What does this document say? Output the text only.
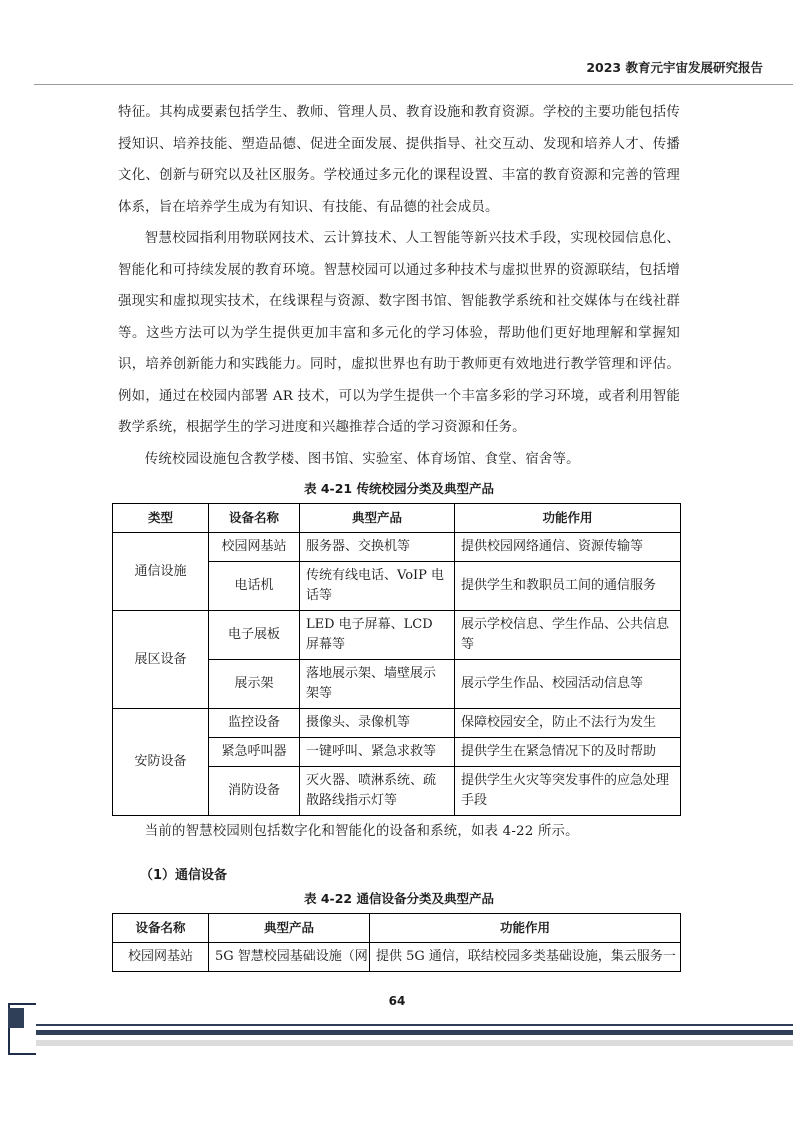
2023 教育元宇宙发展研究报告

特征。其构成要素包括学生、教师、管理人员、教育设施和教育资源。学校的主要功能包括传授知识、培养技能、塑造品德、促进全面发展、提供指导、社交互动、发现和培养人才、传播文化、创新与研究以及社区服务。学校通过多元化的课程设置、丰富的教育资源和完善的管理体系，旨在培养学生成为有知识、有技能、有品德的社会成员。

智慧校园指利用物联网技术、云计算技术、人工智能等新兴技术手段，实现校园信息化、智能化和可持续发展的教育环境。智慧校园可以通过多种技术与虚拟世界的资源联结，包括增强现实和虚拟现实技术，在线课程与资源、数字图书馆、智能教学系统和社交媒体与在线社群等。这些方法可以为学生提供更加丰富和多元化的学习体验，帮助他们更好地理解和掌握知识，培养创新能力和实践能力。同时，虚拟世界也有助于教师更有效地进行教学管理和评估。例如，通过在校园内部署 AR 技术，可以为学生提供一个丰富多彩的学习环境，或者利用智能教学系统，根据学生的学习进度和兴趣推荐合适的学习资源和任务。

传统校园设施包含教学楼、图书馆、实验室、体育场馆、食堂、宿舍等。

表 4-21 传统校园分类及典型产品
类型	设备名称	典型产品	功能作用
通信设施	校园网基站	服务器、交换机等	提供校园网络通信、资源传输等
	电话机	传统有线电话、VoIP 电话等	提供学生和教职员工间的通信服务
展区设备	电子展板	LED 电子屏幕、LCD 屏幕等	展示学校信息、学生作品、公共信息等
	展示架	落地展示架、墙壁展示架等	展示学生作品、校园活动信息等
安防设备	监控设备	摄像头、录像机等	保障校园安全，防止不法行为发生
	紧急呼叫器	一键呼叫、紧急求救等	提供学生在紧急情况下的及时帮助
	消防设备	灭火器、喷淋系统、疏散路线指示灯等	提供学生火灾等突发事件的应急处理手段

当前的智慧校园则包括数字化和智能化的设备和系统，如表 4-22 所示。

（1）通信设备
表 4-22 通信设备分类及典型产品
设备名称	典型产品	功能作用
校园网基站	5G 智慧校园基础设施（网	提供 5G 通信，联结校园多类基础设施，集云服务一
64
